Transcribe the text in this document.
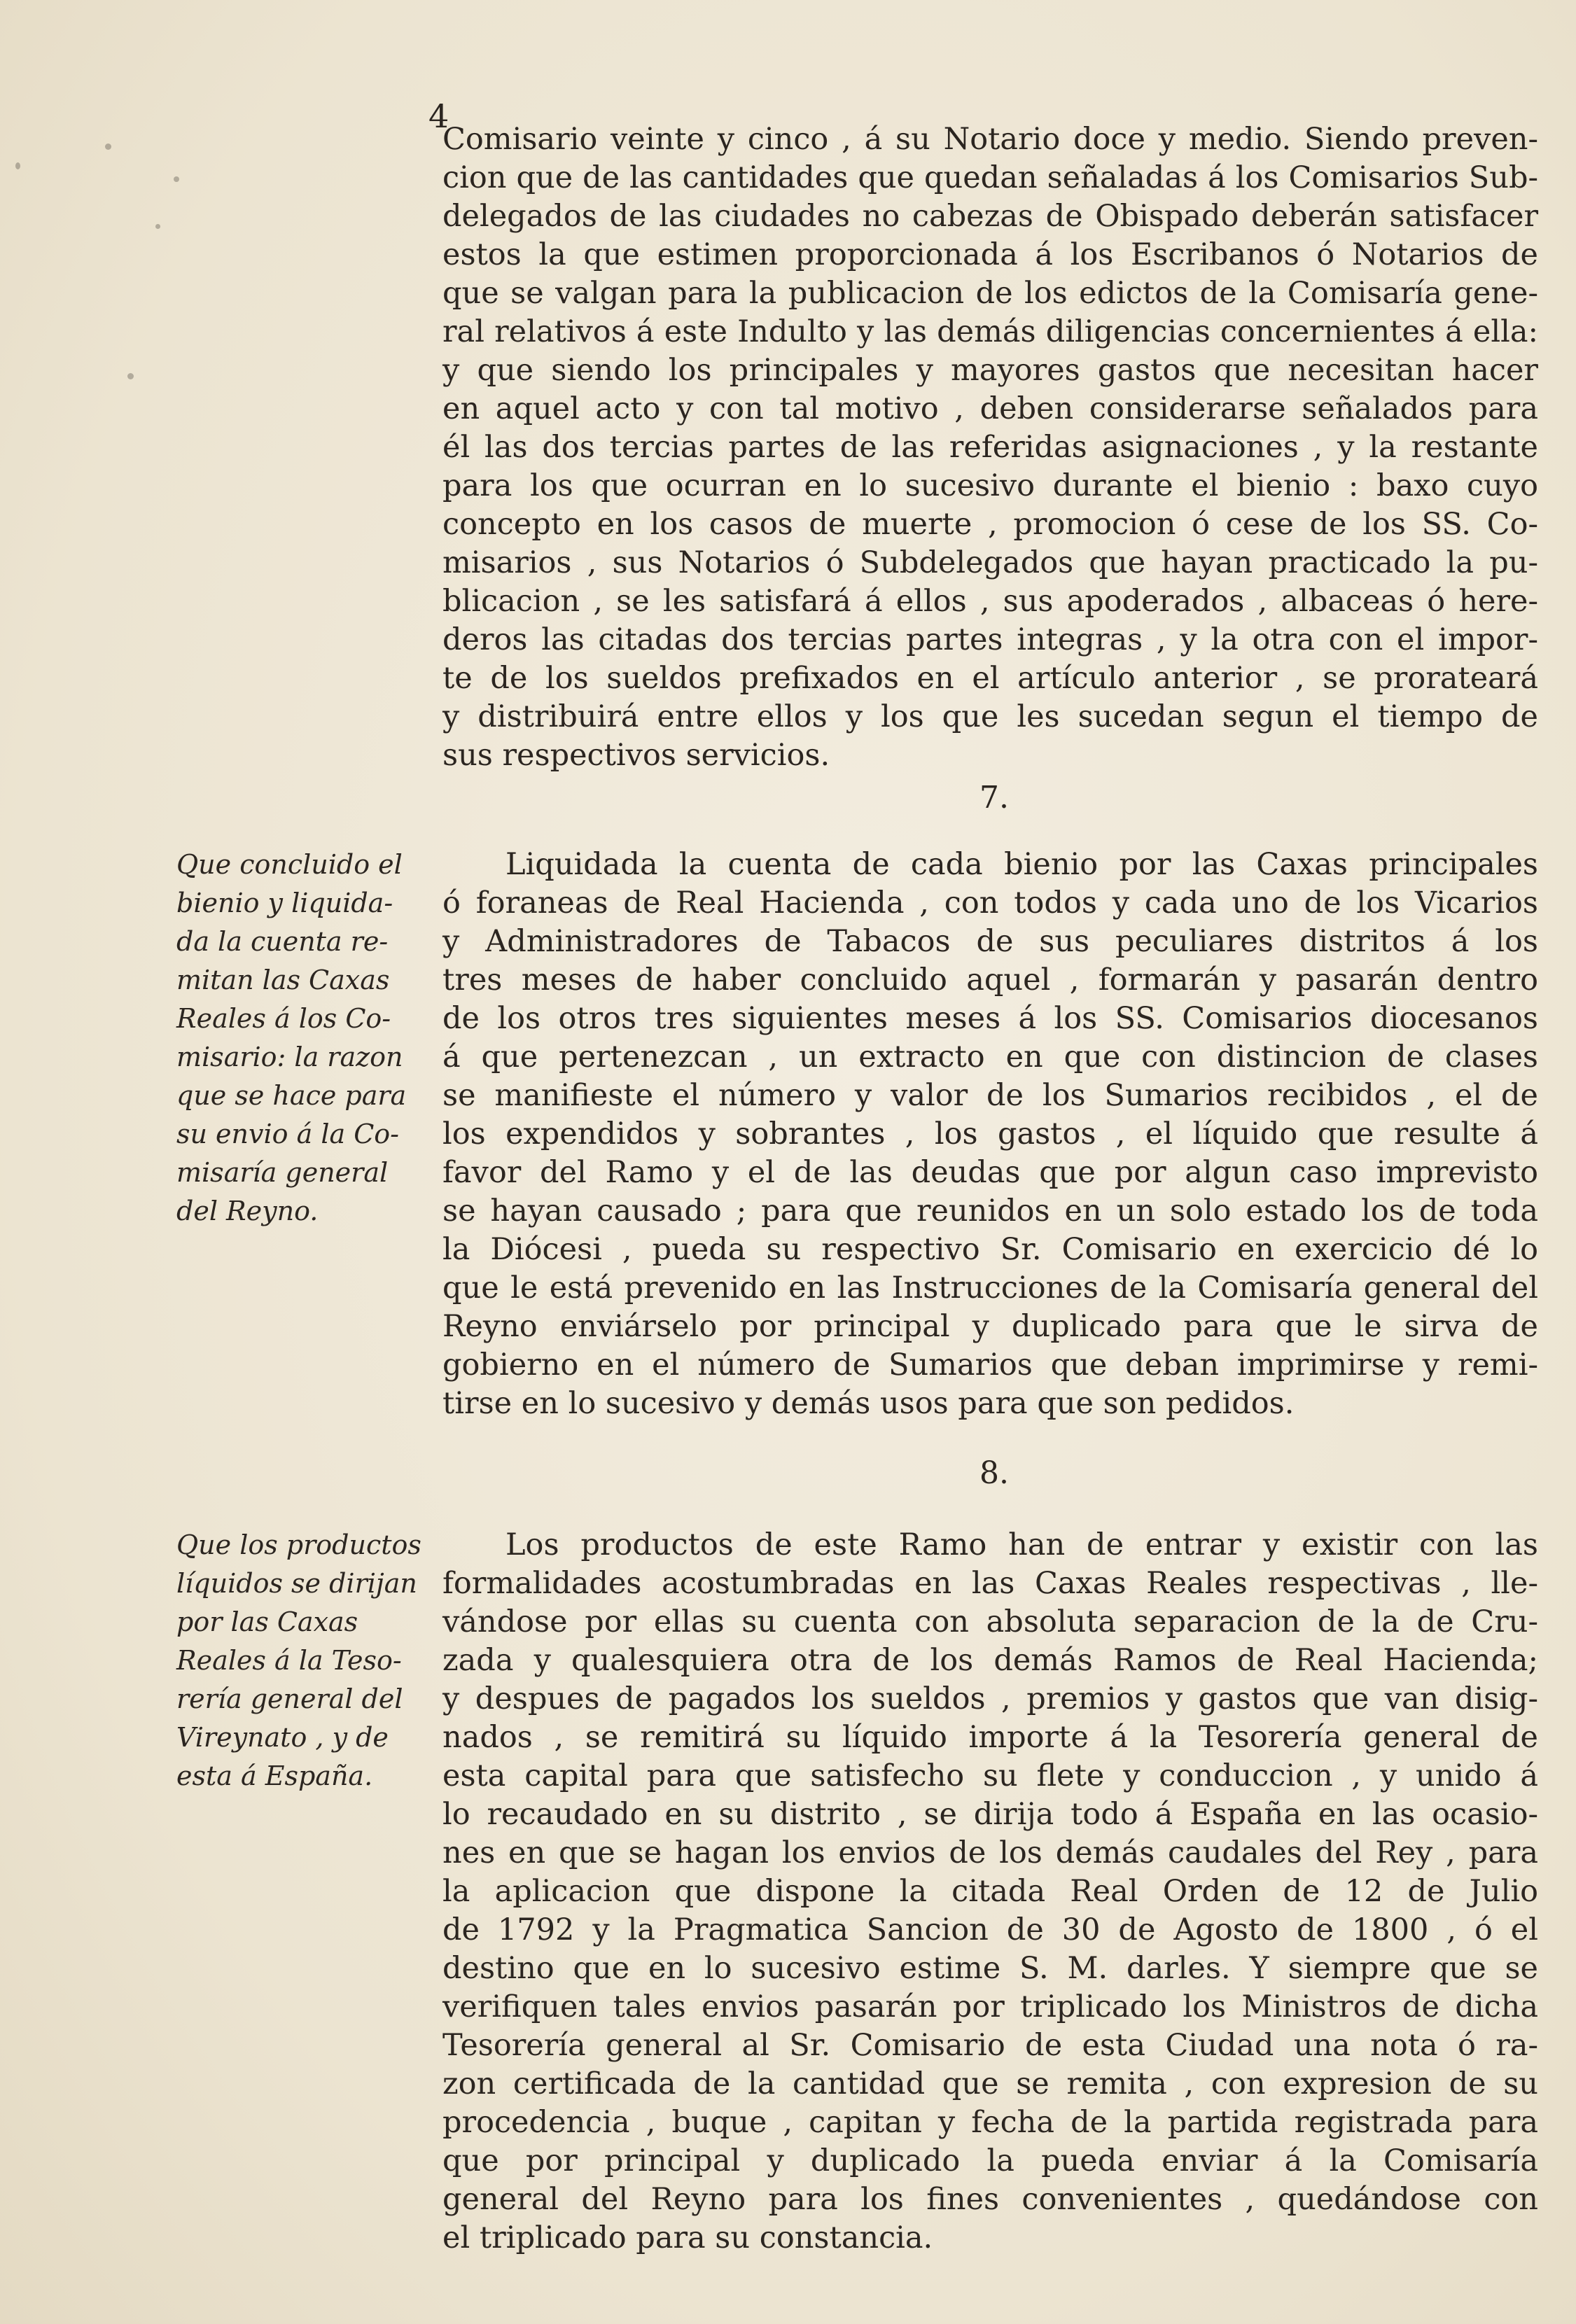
4
Comisario veinte y cinco , á su Notario doce y medio. Siendo preven-
cion que de las cantidades que quedan señaladas á los Comisarios Sub-
delegados de las ciudades no cabezas de Obispado deberán satisfacer
estos la que estimen proporcionada á los Escribanos ó Notarios de
que se valgan para la publicacion de los edictos de la Comisaría gene-
ral relativos á este Indulto y las demás diligencias concernientes á ella:
y que siendo los principales y mayores gastos que necesitan hacer
en aquel acto y con tal motivo , deben considerarse señalados para
él las dos tercias partes de las referidas asignaciones , y la restante
para los que ocurran en lo sucesivo durante el bienio : baxo cuyo
concepto en los casos de muerte , promocion ó cese de los SS. Co-
misarios , sus Notarios ó Subdelegados que hayan practicado la pu-
blicacion , se les satisfará á ellos , sus apoderados , albaceas ó here-
deros las citadas dos tercias partes integras , y la otra con el impor-
te de los sueldos prefixados en el artículo anterior , se prorateará
y distribuirá entre ellos y los que les sucedan segun el tiempo de
sus respectivos servicios.
7.
Que concluido el
bienio y liquida-
da la cuenta re-
mitan las Caxas
Reales á los Co-
misario: la razon
que se hace para
su envio á la Co-
misaría general
del Reyno.
Liquidada la cuenta de cada bienio por las Caxas principales
ó foraneas de Real Hacienda , con todos y cada uno de los Vicarios
y Administradores de Tabacos de sus peculiares distritos á los
tres meses de haber concluido aquel , formarán y pasarán dentro
de los otros tres siguientes meses á los SS. Comisarios diocesanos
á que pertenezcan , un extracto en que con distincion de clases
se manifieste el número y valor de los Sumarios recibidos , el de
los expendidos y sobrantes , los gastos , el líquido que resulte á
favor del Ramo y el de las deudas que por algun caso imprevisto
se hayan causado ; para que reunidos en un solo estado los de toda
la Diócesi , pueda su respectivo Sr. Comisario en exercicio dé lo
que le está prevenido en las Instrucciones de la Comisaría general del
Reyno enviárselo por principal y duplicado para que le sirva de
gobierno en el número de Sumarios que deban imprimirse y remi-
tirse en lo sucesivo y demás usos para que son pedidos.
8.
Que los productos
líquidos se dirijan
por las Caxas
Reales á la Teso-
rería general del
Vireynato , y de
esta á España.
Los productos de este Ramo han de entrar y existir con las
formalidades acostumbradas en las Caxas Reales respectivas , lle-
vándose por ellas su cuenta con absoluta separacion de la de Cru-
zada y qualesquiera otra de los demás Ramos de Real Hacienda;
y despues de pagados los sueldos , premios y gastos que van disig-
nados , se remitirá su líquido importe á la Tesorería general de
esta capital para que satisfecho su flete y conduccion , y unido á
lo recaudado en su distrito , se dirija todo á España en las ocasio-
nes en que se hagan los envios de los demás caudales del Rey , para
la aplicacion que dispone la citada Real Orden de 12 de Julio
de 1792 y la Pragmatica Sancion de 30 de Agosto de 1800 , ó el
destino que en lo sucesivo estime S. M. darles. Y siempre que se
verifiquen tales envios pasarán por triplicado los Ministros de dicha
Tesorería general al Sr. Comisario de esta Ciudad una nota ó ra-
zon certificada de la cantidad que se remita , con expresion de su
procedencia , buque , capitan y fecha de la partida registrada para
que por principal y duplicado la pueda enviar á la Comisaría
general del Reyno para los fines convenientes , quedándose con
el triplicado para su constancia.
